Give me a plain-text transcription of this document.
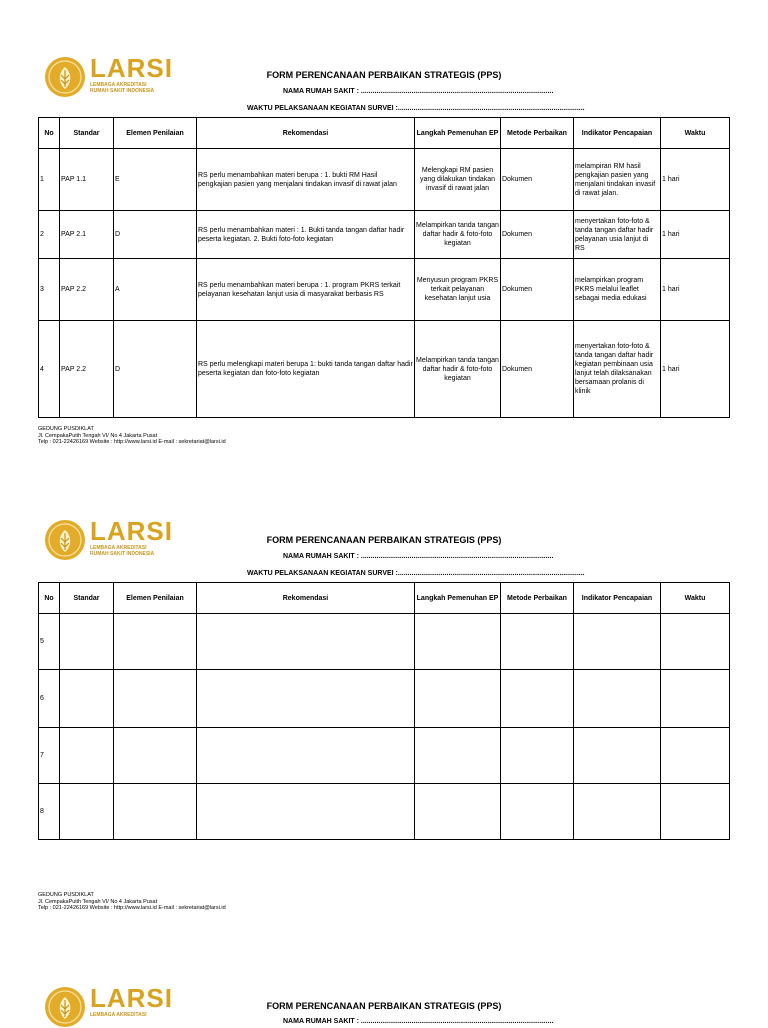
LARSI
LEMBAGA AKREDITASI
RUMAH SAKIT INDONESIA
FORM PERENCANAAN PERBAIKAN STRATEGIS (PPS)
NAMA RUMAH SAKIT : ...................................................................................................
WAKTU PELAKSANAAN KEGIATAN SURVEI :................................................................................................
No	Standar	Elemen Penilaian	Rekomendasi	Langkah Pemenuhan EP	Metode Perbaikan	Indikator Pencapaian	Waktu
1	PAP 1.1	E	RS perlu menambahkan materi berupa : 1. bukti RM Hasil pengkajian pasien yang menjalani tindakan invasif di rawat jalan	Melengkapi RM pasien yang dilakukan tindakan invasif di rawat jalan	Dokumen	melampiran RM hasil pengkajian pasien yang menjalani tindakan invasif di rawat jalan.	1 hari
2	PAP 2.1	D	RS perlu menambahkan materi : 1. Bukti tanda tangan daftar hadir peserta kegiatan. 2. Bukti foto-foto kegiatan	Melampirkan tanda tangan daftar hadir & foto-foto kegiatan	Dokumen	menyertakan foto-foto & tanda tangan daftar hadir pelayanan usia lanjut di RS	1 hari
3	PAP 2.2	A	RS perlu menambahkan materi berupa : 1. program PKRS terkait pelayanan kesehatan lanjut usia di masyarakat berbasis RS	Menyusun program PKRS terkait pelayanan kesehatan lanjut usia	Dokumen	melampirkan program PKRS melalui leaflet sebagai media edukasi	1 hari
4	PAP 2.2	D	RS perlu melengkapi materi berupa 1: bukti tanda tangan daftar hadir peserta kegiatan dan foto-foto kegiatan	Melampirkan tanda tangan daftar hadir & foto-foto kegiatan	Dokumen	menyertakan foto-foto & tanda tangan daftar hadir kegiatan pembinaan usia lanjut telah dilaksanakan bersamaan prolanis di klinik	1 hari
GEDUNG PUSDIKLAT
Jl. CempakaPutih Tengah VI/ No 4 Jakarta Pusat
Telp : 021-22426169 Website : http://www.larsi.id E-mail : sekretariat@larsi.id
LARSI
LEMBAGA AKREDITASI
RUMAH SAKIT INDONESIA
FORM PERENCANAAN PERBAIKAN STRATEGIS (PPS)
NAMA RUMAH SAKIT : ...................................................................................................
WAKTU PELAKSANAAN KEGIATAN SURVEI :................................................................................................
No	Standar	Elemen Penilaian	Rekomendasi	Langkah Pemenuhan EP	Metode Perbaikan	Indikator Pencapaian	Waktu
5							
6							
7							
8							
GEDUNG PUSDIKLAT
Jl. CempakaPutih Tengah VI/ No 4 Jakarta Pusat
Telp : 021-22426169 Website : http://www.larsi.id E-mail : sekretariat@larsi.id
LARSI
LEMBAGA AKREDITASI
FORM PERENCANAAN PERBAIKAN STRATEGIS (PPS)
NAMA RUMAH SAKIT : ...................................................................................................
